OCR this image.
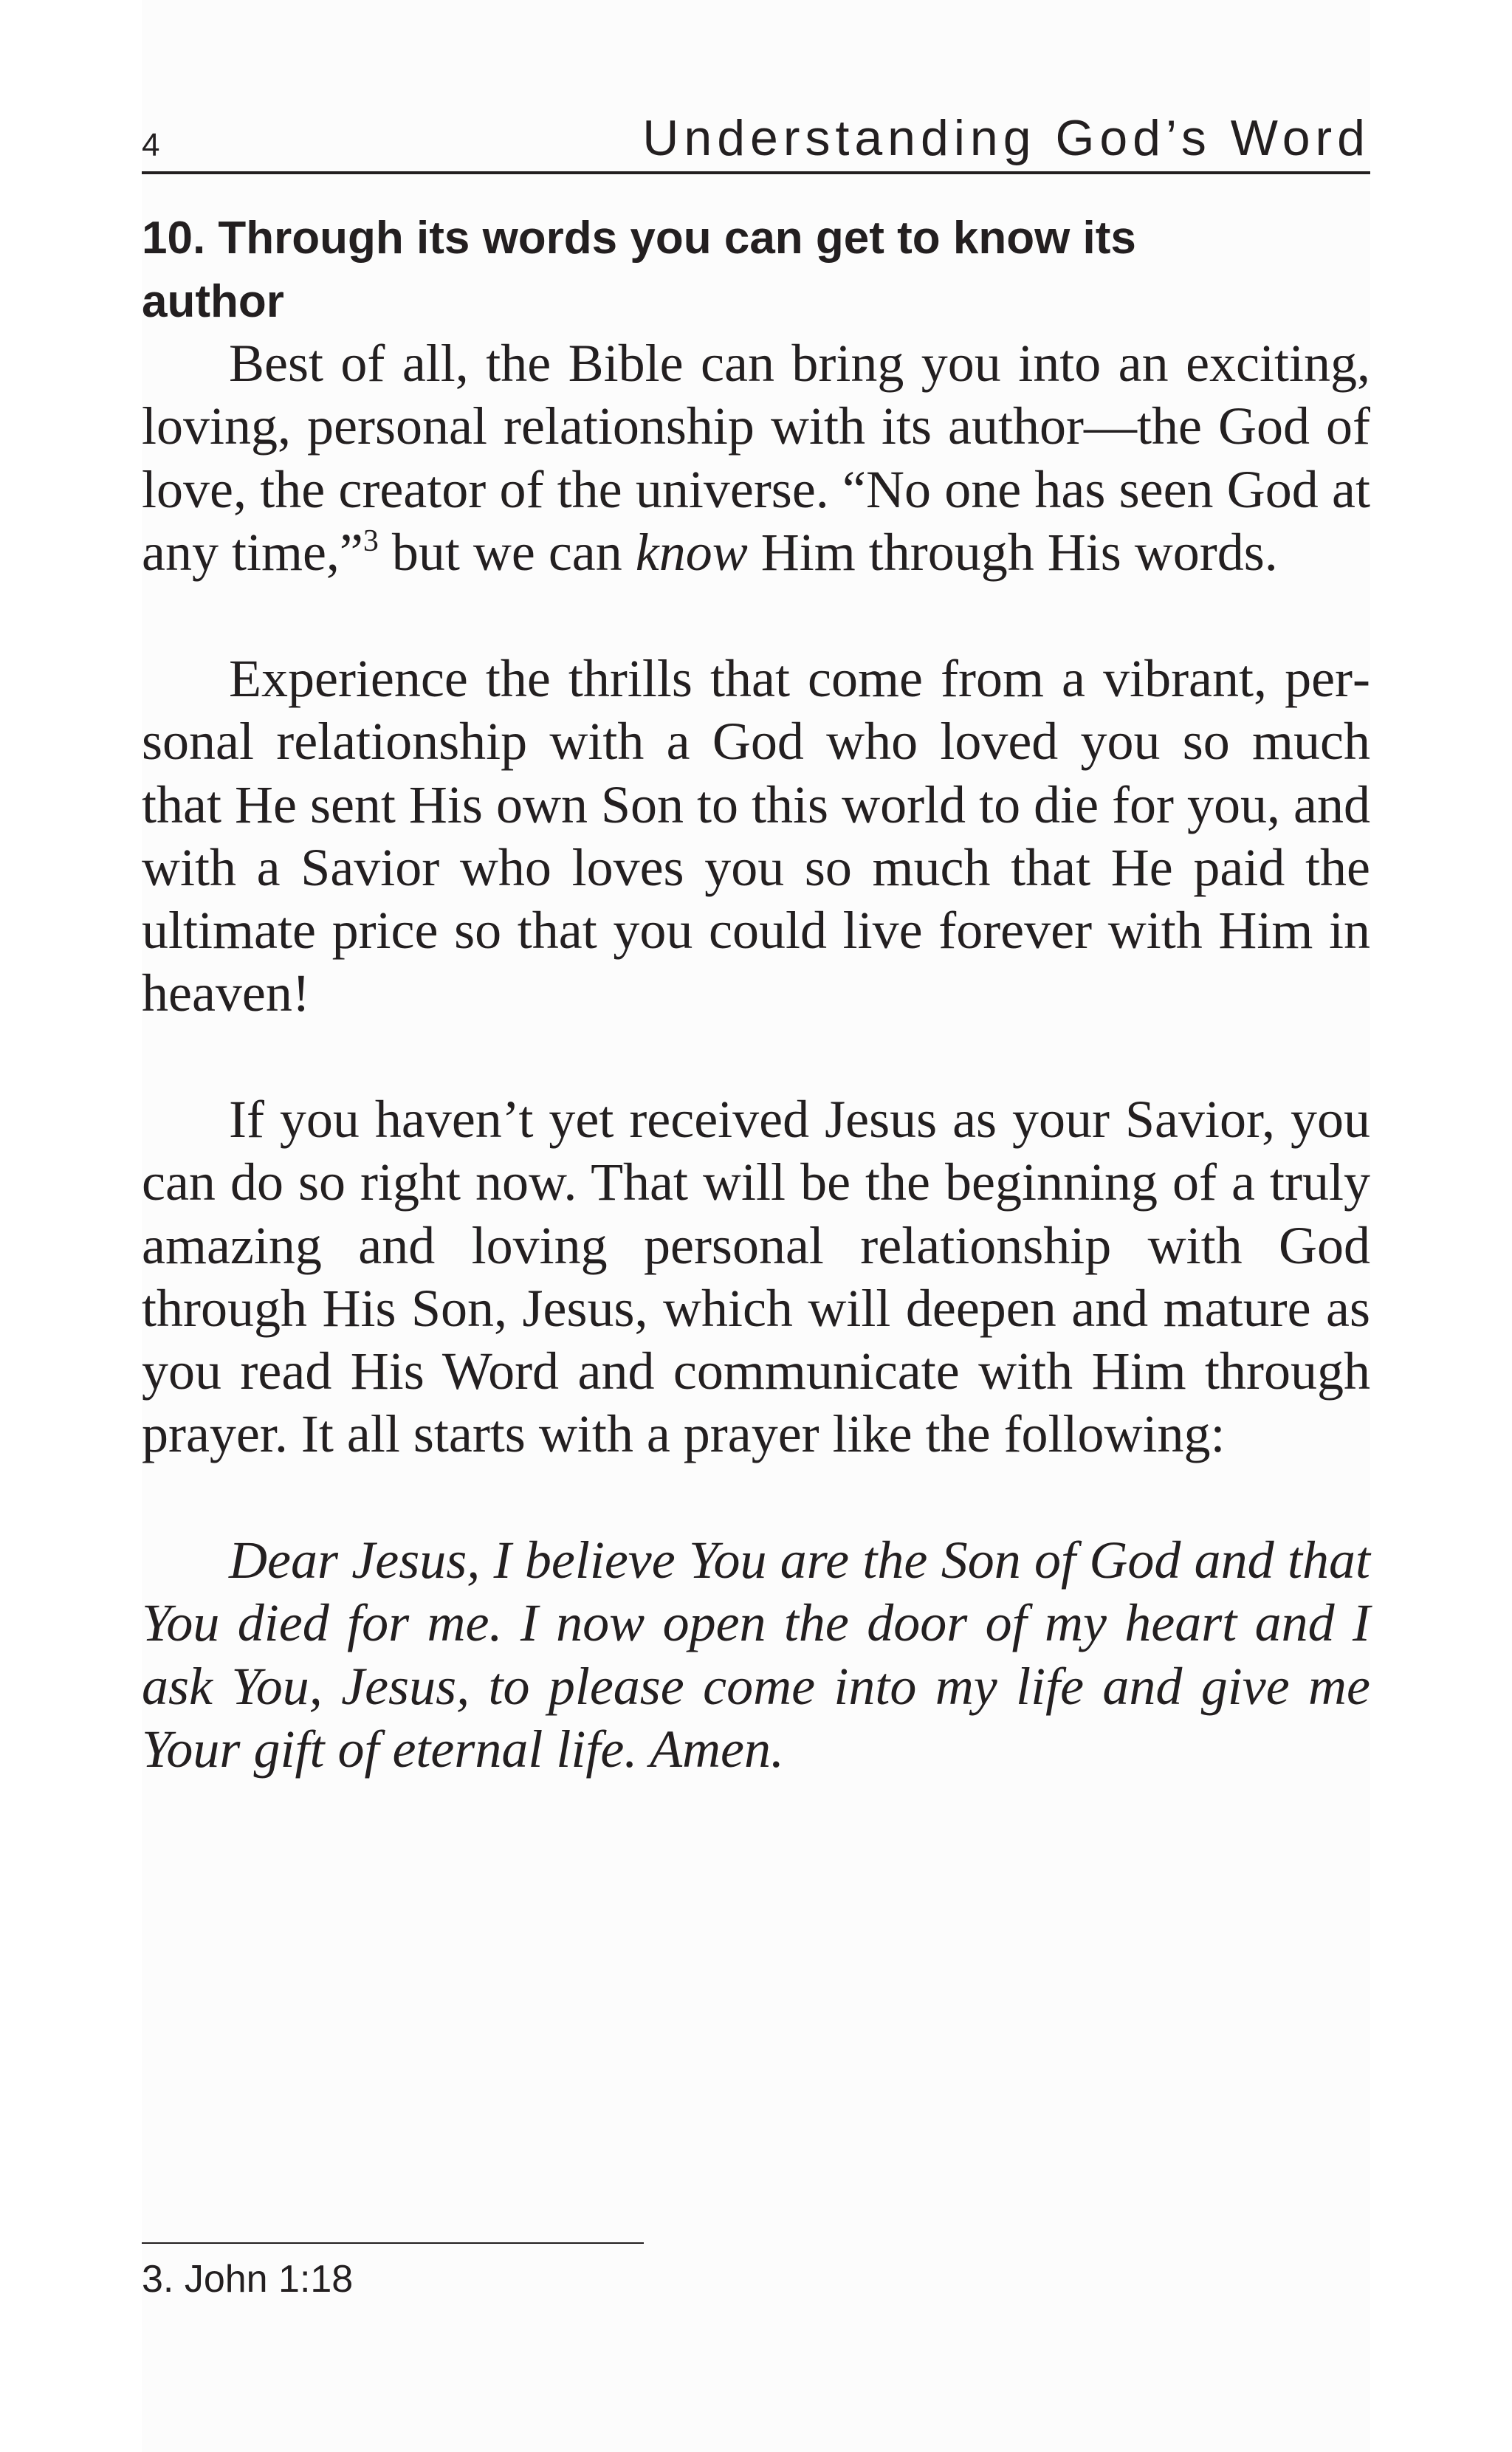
4	Understanding God’s Word
10. Through its words you can get to know its author

Best of all, the Bible can bring you into an exciting, loving, personal relationship with its author—the God of love, the creator of the universe. “No one has seen God at any time,”$^3$ but we can know Him through His words.

Experience the thrills that come from a vibrant, personal relationship with a God who loved you so much that He sent His own Son to this world to die for you, and with a Savior who loves you so much that He paid the ultimate price so that you could live forever with Him in heaven!

If you haven’t yet received Jesus as your Savior, you can do so right now. That will be the beginning of a truly amazing and loving personal relationship with God through His Son, Jesus, which will deepen and mature as you read His Word and communicate with Him through prayer. It all starts with a prayer like the following:

Dear Jesus, I believe You are the Son of God and that You died for me. I now open the door of my heart and I ask You, Jesus, to please come into my life and give me Your gift of eternal life. Amen.

3. John 1:18
